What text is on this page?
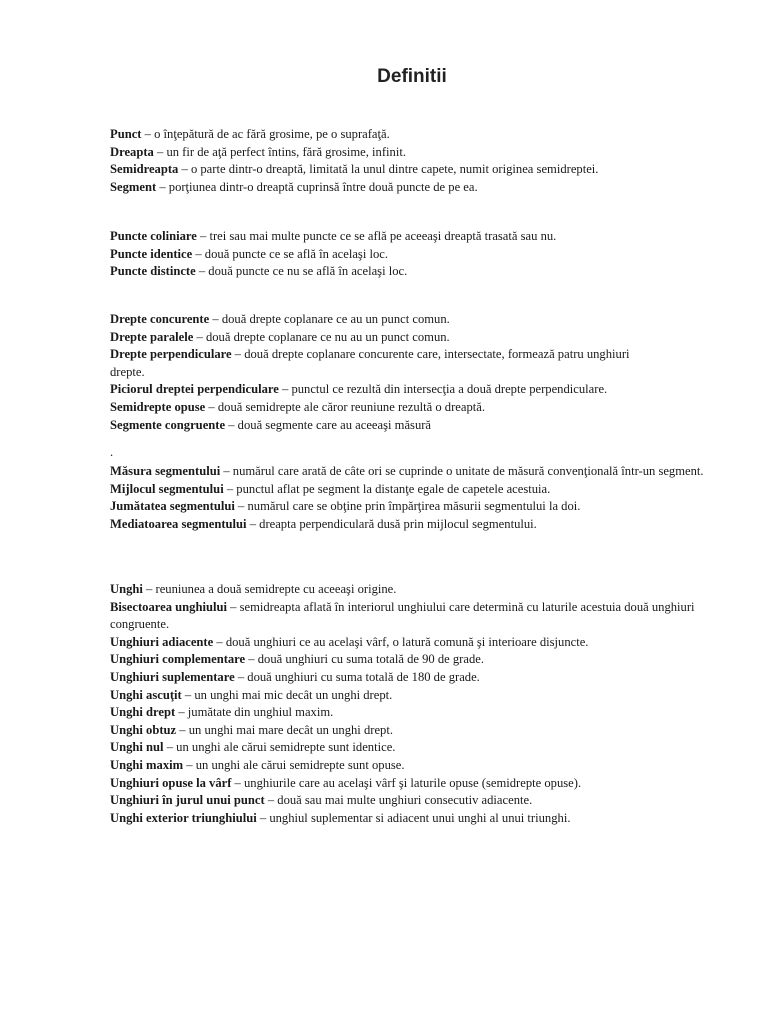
Definitii

Punct – o înţepătură de ac fără grosime, pe o suprafaţă.

Dreapta – un fir de aţă perfect întins, fără grosime, infinit.

Semidreapta – o parte dintr-o dreaptă, limitată la unul dintre capete, numit originea semidreptei.

Segment – porţiunea dintr-o dreaptă cuprinsă între două puncte de pe ea.

Puncte coliniare – trei sau mai multe puncte ce se află pe aceeaşi dreaptă trasată sau nu.

Puncte identice – două puncte ce se află în acelaşi loc.

Puncte distincte – două puncte ce nu se află în acelaşi loc.

Drepte concurente – două drepte coplanare ce au un punct comun.

Drepte paralele – două drepte coplanare ce nu au un punct comun.

Drepte perpendiculare – două drepte coplanare concurente care, intersectate, formează patru unghiuri drepte.

Piciorul dreptei perpendiculare – punctul ce rezultă din intersecţia a două drepte perpendiculare.

Semidrepte opuse – două semidrepte ale căror reuniune rezultă o dreaptă.

Segmente congruente – două segmente care au aceeaşi măsură

.

Măsura segmentului – numărul care arată de câte ori se cuprinde o unitate de măsură convenţională într-un segment.

Mijlocul segmentului – punctul aflat pe segment la distanţe egale de capetele acestuia.

Jumătatea segmentului – numărul care se obţine prin împărţirea măsurii segmentului la doi.

Mediatoarea segmentului – dreapta perpendiculară dusă prin mijlocul segmentului.

Unghi – reuniunea a două semidrepte cu aceeaşi origine.

Bisectoarea unghiului – semidreapta aflată în interiorul unghiului care determină cu laturile acestuia două unghiuri congruente.

Unghiuri adiacente – două unghiuri ce au acelaşi vârf, o latură comună şi interioare disjuncte.

Unghiuri complementare – două unghiuri cu suma totală de 90 de grade.

Unghiuri suplementare – două unghiuri cu suma totală de 180 de grade.

Unghi ascuţit – un unghi mai mic decât un unghi drept.

Unghi drept – jumătate din unghiul maxim.

Unghi obtuz – un unghi mai mare decât un unghi drept.

Unghi nul – un unghi ale cărui semidrepte sunt identice.

Unghi maxim – un unghi ale cărui semidrepte sunt opuse.

Unghiuri opuse la vârf – unghiurile care au acelaşi vârf şi laturile opuse (semidrepte opuse).

Unghiuri în jurul unui punct – două sau mai multe unghiuri consecutiv adiacente.

Unghi exterior triunghiului – unghiul suplementar si adiacent unui unghi al unui triunghi.
